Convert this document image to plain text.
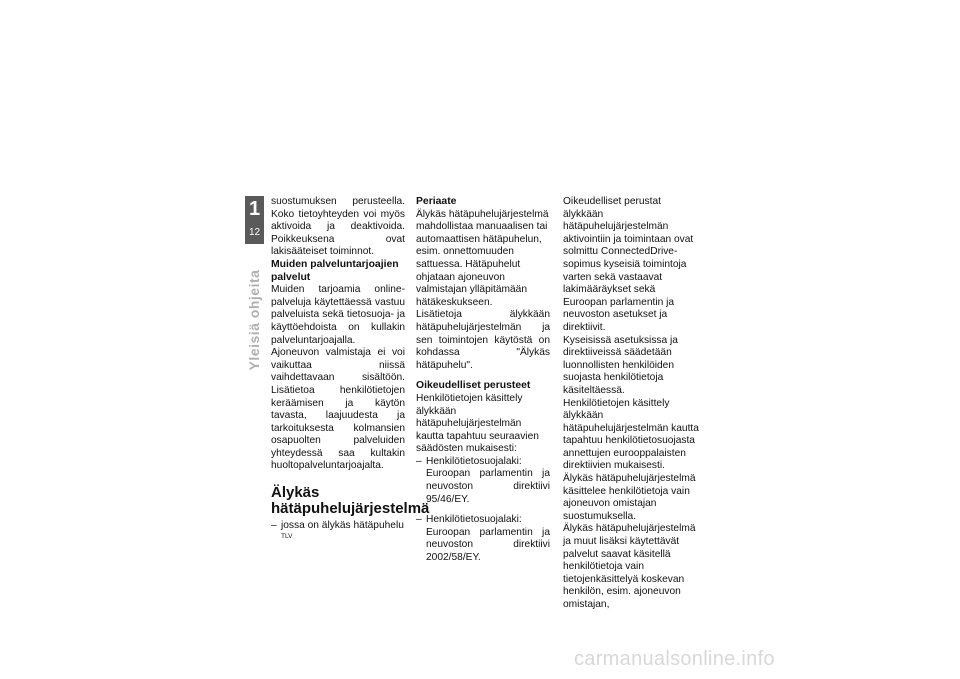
1
12
Yleisiä ohjeita

suostumuksen perusteella. Koko tietoyhteyden voi myös aktivoida ja deaktivoida. Poikkeuksena ovat lakisääteiset toiminnot.

Muiden palveluntarjoajien palvelut

Muiden tarjoamia online-palveluja käytettäessä vastuu palveluista sekä tietosuoja- ja käyttöehdoista on kullakin palveluntarjoajalla. Ajoneuvon valmistaja ei voi vaikuttaa niissä vaihdettavaan sisältöön. Lisätietoa henkilötietojen keräämisen ja käytön tavasta, laajuudesta ja tarkoituksesta kolmansien osapuolten palveluiden yhteydessä saa kultakin huoltopalveluntarjoajalta.

Älykäs hätäpuhelujärjestelmä

– jossa on älykäs hätäpuhelu $^{TLV}$

Periaate

Älykäs hätäpuhelujärjestelmä mahdollistaa manuaalisen tai automaattisen hätäpuhelun, esim. onnettomuuden sattuessa. Hätäpuhelut ohjataan ajoneuvon valmistajan ylläpitämään hätäkeskukseen.

Lisätietoja älykkään hätäpuhelujärjestelmän ja sen toimintojen käytöstä on kohdassa "Älykäs hätäpuhelu".

Oikeudelliset perusteet

Henkilötietojen käsittely älykkään hätäpuhelujärjestelmän kautta tapahtuu seuraavien säädösten mukaisesti:

– Henkilötietosuojalaki: Euroopan parlamentin ja neuvoston direktiivi 95/46/EY.

– Henkilötietosuojalaki: Euroopan parlamentin ja neuvoston direktiivi 2002/58/EY.

Oikeudelliset perustat älykkään hätäpuhelujärjestelmän aktivointiin ja toimintaan ovat solmittu ConnectedDrive-sopimus kyseisiä toimintoja varten sekä vastaavat lakimääräykset sekä Euroopan parlamentin ja neuvoston asetukset ja direktiivit.

Kyseisissä asetuksissa ja direktiiveissä säädetään luonnollisten henkilöiden suojasta henkilötietoja käsiteltäessä.

Henkilötietojen käsittely älykkään hätäpuhelujärjestelmän kautta tapahtuu henkilötietosuojasta annettujen eurooppalaisten direktiivien mukaisesti.

Älykäs hätäpuhelujärjestelmä käsittelee henkilötietoja vain ajoneuvon omistajan suostumuksella.

Älykäs hätäpuhelujärjestelmä ja muut lisäksi käytettävät palvelut saavat käsitellä henkilötietoja vain tietojenkäsittelyä koskevan henkilön, esim. ajoneuvon omistajan,

carmanualsonline.info
